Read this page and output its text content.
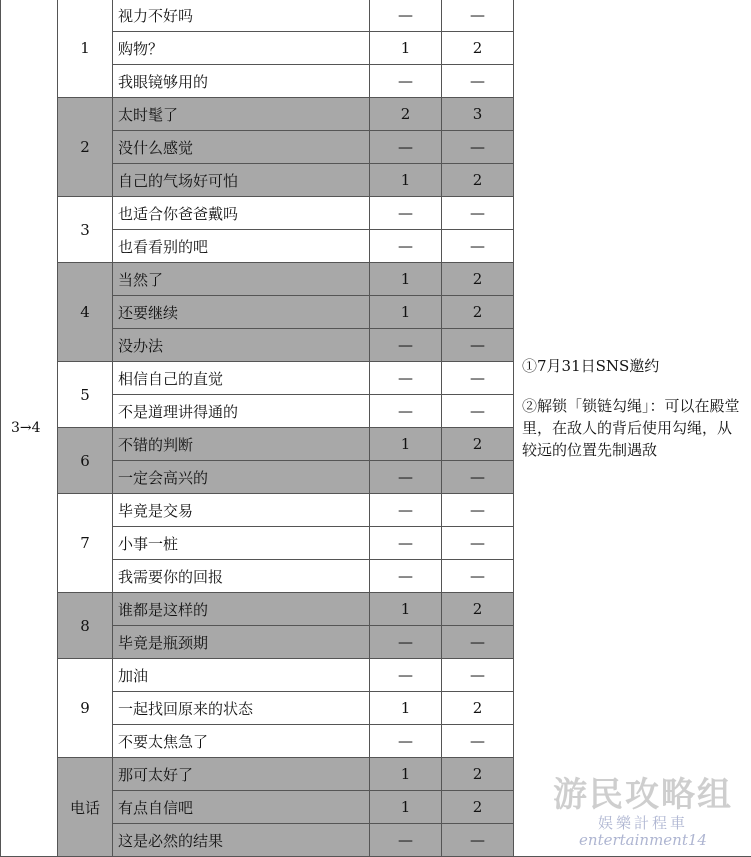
3→4	1	视力不好吗	—	—	①7月31日SNS邀约

②解锁「锁链勾绳」：可以在殿堂里，在敌人的背后使用勾绳，从较远的位置先制遇敌

		购物？	1	2	
		我眼镜够用的	—	—	
	2	太时髦了	2	3	
		没什么感觉	—	—	
		自己的气场好可怕	1	2	
	3	也适合你爸爸戴吗	—	—	
		也看看别的吧	—	—	
	4	当然了	1	2	
		还要继续	1	2	
		没办法	—	—	
	5	相信自己的直觉	—	—	
		不是道理讲得通的	—	—	
	6	不错的判断	1	2	
		一定会高兴的	—	—	
	7	毕竟是交易	—	—	
		小事一桩	—	—	
		我需要你的回报	—	—	
	8	谁都是这样的	1	2	
		毕竟是瓶颈期	—	—	
	9	加油	—	—	
		一起找回原来的状态	1	2	
		不要太焦急了	—	—	
	电话	那可太好了	1	2	
		有点自信吧	1	2	
		这是必然的结果	—	—	
游民攻略组
娱樂計程車
entertainment14
